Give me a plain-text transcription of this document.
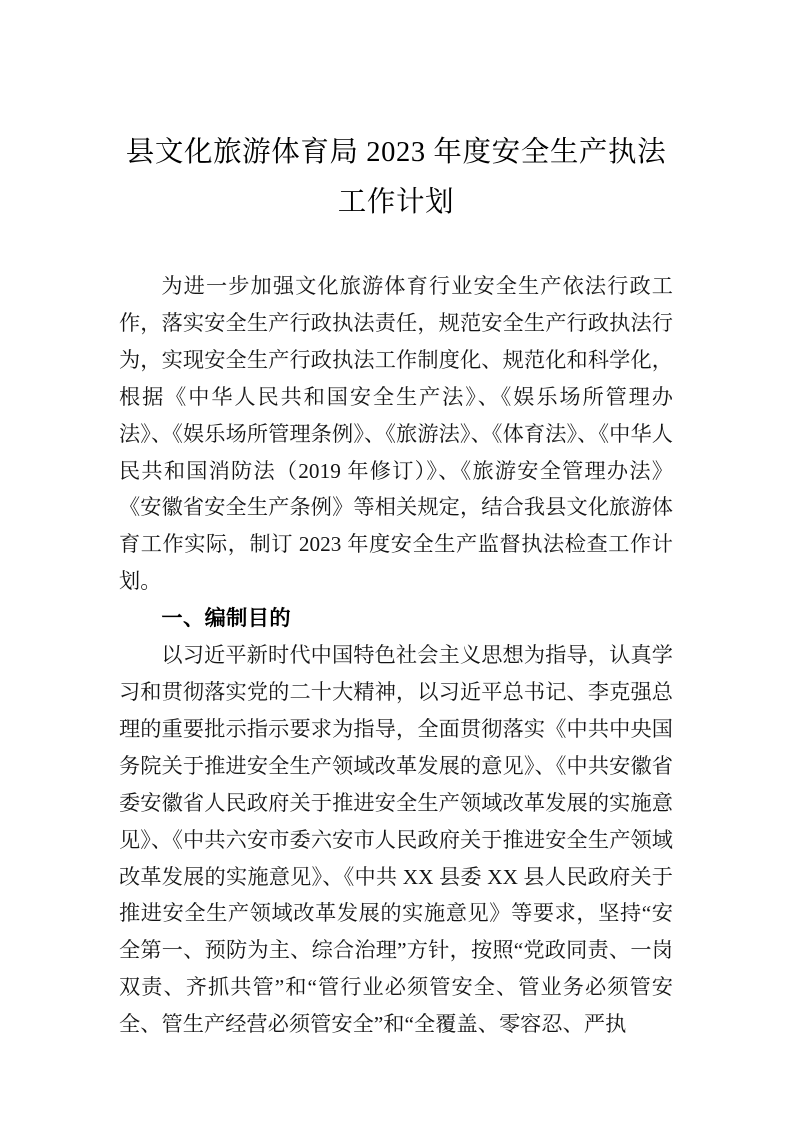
县文化旅游体育局 2023 年度安全生产执法
工作计划

为进一步加强文化旅游体育行业安全生产依法行政工作，落实安全生产行政执法责任，规范安全生产行政执法行为，实现安全生产行政执法工作制度化、规范化和科学化，根据《中华人民共和国安全生产法》、《娱乐场所管理办法》、《娱乐场所管理条例》、《旅游法》、《体育法》、《中华人民共和国消防法（2019 年修订）》、《旅游安全管理办法》《安徽省安全生产条例》等相关规定，结合我县文化旅游体育工作实际，制订 2023 年度安全生产监督执法检查工作计划。

一、编制目的

以习近平新时代中国特色社会主义思想为指导，认真学习和贯彻落实党的二十大精神，以习近平总书记、李克强总理的重要批示指示要求为指导，全面贯彻落实《中共中央国务院关于推进安全生产领域改革发展的意见》、《中共安徽省委安徽省人民政府关于推进安全生产领域改革发展的实施意见》、《中共六安市委六安市人民政府关于推进安全生产领域改革发展的实施意见》、《中共 XX 县委 XX 县人民政府关于推进安全生产领域改革发展的实施意见》等要求，坚持“安全第一、预防为主、综合治理”方针，按照“党政同责、一岗双责、齐抓共管”和“管行业必须管安全、管业务必须管安全、管生产经营必须管安全”和“全覆盖、零容忍、严执
